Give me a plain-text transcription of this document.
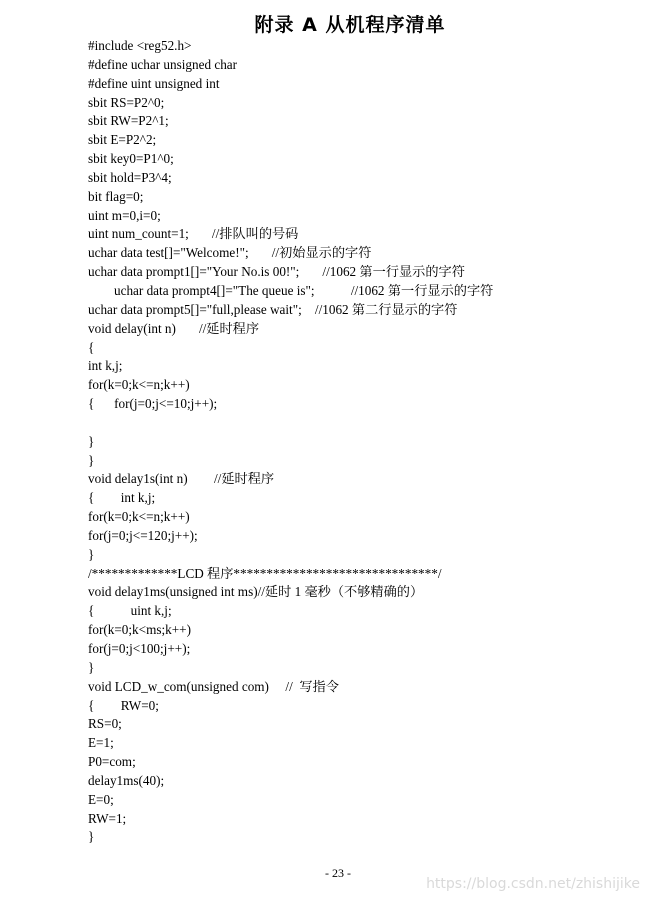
附录 A 从机程序清单
#include <reg52.h>
#define uchar unsigned char
#define uint unsigned int
sbit RS=P2^0;
sbit RW=P2^1;
sbit E=P2^2;
sbit key0=P1^0;
sbit hold=P3^4;
bit flag=0;
uint m=0,i=0;
uint num_count=1;       //排队叫的号码
uchar data test[]="Welcome!";       //初始显示的字符
uchar data prompt1[]="Your No.is 00!";       //1062 第一行显示的字符
uchar data prompt4[]="The queue is";           //1062 第一行显示的字符
uchar data prompt5[]="full,please wait";    //1062 第二行显示的字符
void delay(int n)       //延时程序
{
int k,j;
for(k=0;k<=n;k++)
{      for(j=0;j<=10;j++);
}
}
void delay1s(int n)        //延时程序
{        int k,j;
for(k=0;k<=n;k++)
for(j=0;j<=120;j++);
}
/*************LCD 程序*******************************/
void delay1ms(unsigned int ms)//延时 1 毫秒（不够精确的）
{           uint k,j;
for(k=0;k<ms;k++)
for(j=0;j<100;j++);
}
void LCD_w_com(unsigned com)     //  写指令
{        RW=0;
RS=0;
E=1;
P0=com;
delay1ms(40);
E=0;
RW=1;
}
- 23 -
https://blog.csdn.net/zhishijike
